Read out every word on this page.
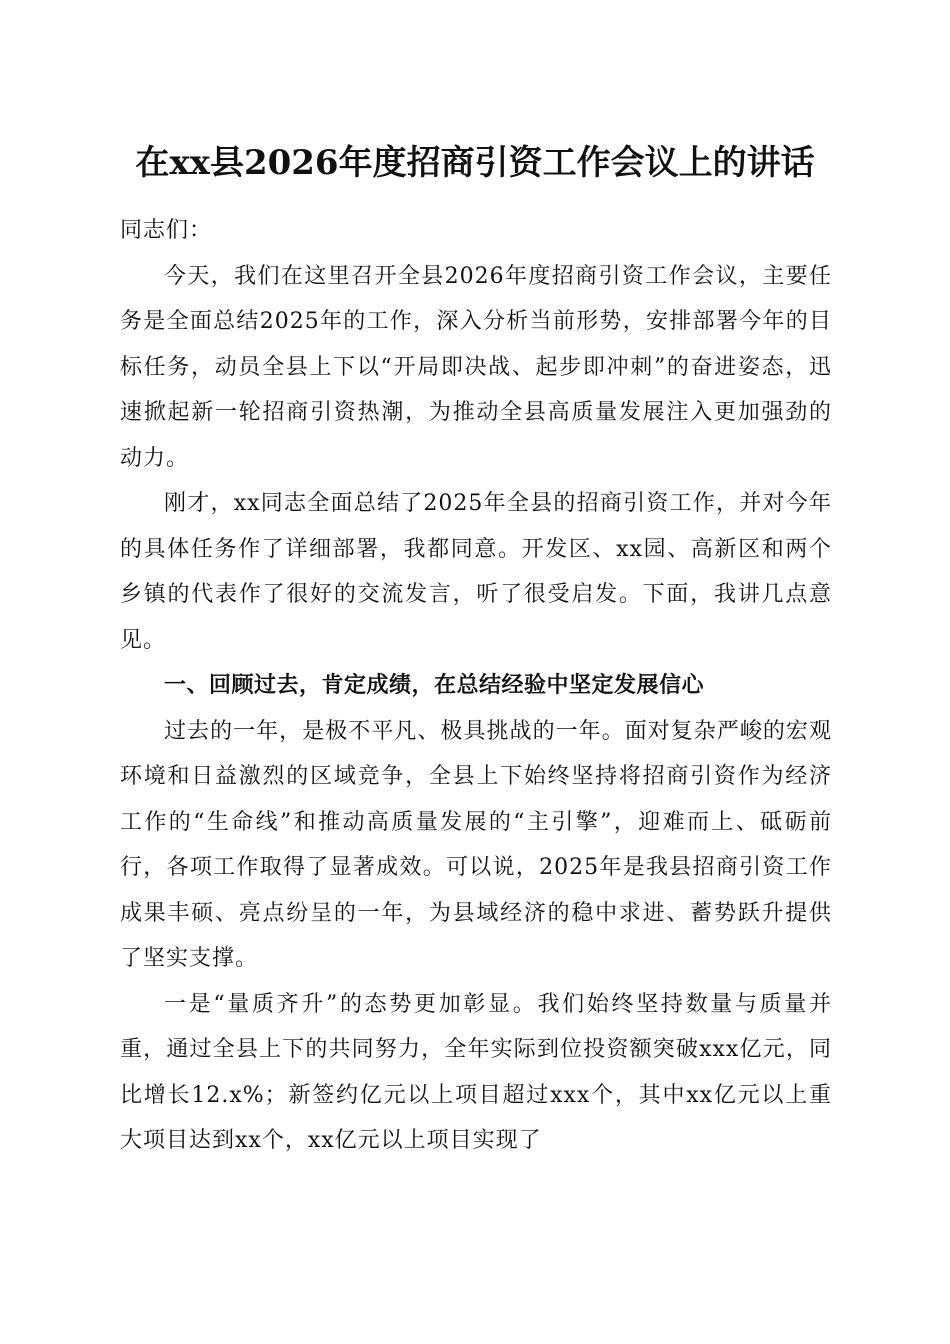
在xx县2026年度招商引资工作会议上的讲话

同志们：

今天，我们在这里召开全县2026年度招商引资工作会议，主要任务是全面总结2025年的工作，深入分析当前形势，安排部署今年的目标任务，动员全县上下以“开局即决战、起步即冲刺”的奋进姿态，迅速掀起新一轮招商引资热潮，为推动全县高质量发展注入更加强劲的动力。

刚才，xx同志全面总结了2025年全县的招商引资工作，并对今年的具体任务作了详细部署，我都同意。开发区、xx园、高新区和两个乡镇的代表作了很好的交流发言，听了很受启发。下面，我讲几点意见。

一、回顾过去，肯定成绩，在总结经验中坚定发展信心

过去的一年，是极不平凡、极具挑战的一年。面对复杂严峻的宏观环境和日益激烈的区域竞争，全县上下始终坚持将招商引资作为经济工作的“生命线”和推动高质量发展的“主引擎”，迎难而上、砥砺前行，各项工作取得了显著成效。可以说，2025年是我县招商引资工作成果丰硕、亮点纷呈的一年，为县域经济的稳中求进、蓄势跃升提供了坚实支撑。

一是“量质齐升”的态势更加彰显。我们始终坚持数量与质量并重，通过全县上下的共同努力，全年实际到位投资额突破xxx亿元，同比增长12.x%；新签约亿元以上项目超过xxx个，其中xx亿元以上重大项目达到xx个，xx亿元以上项目实现了
